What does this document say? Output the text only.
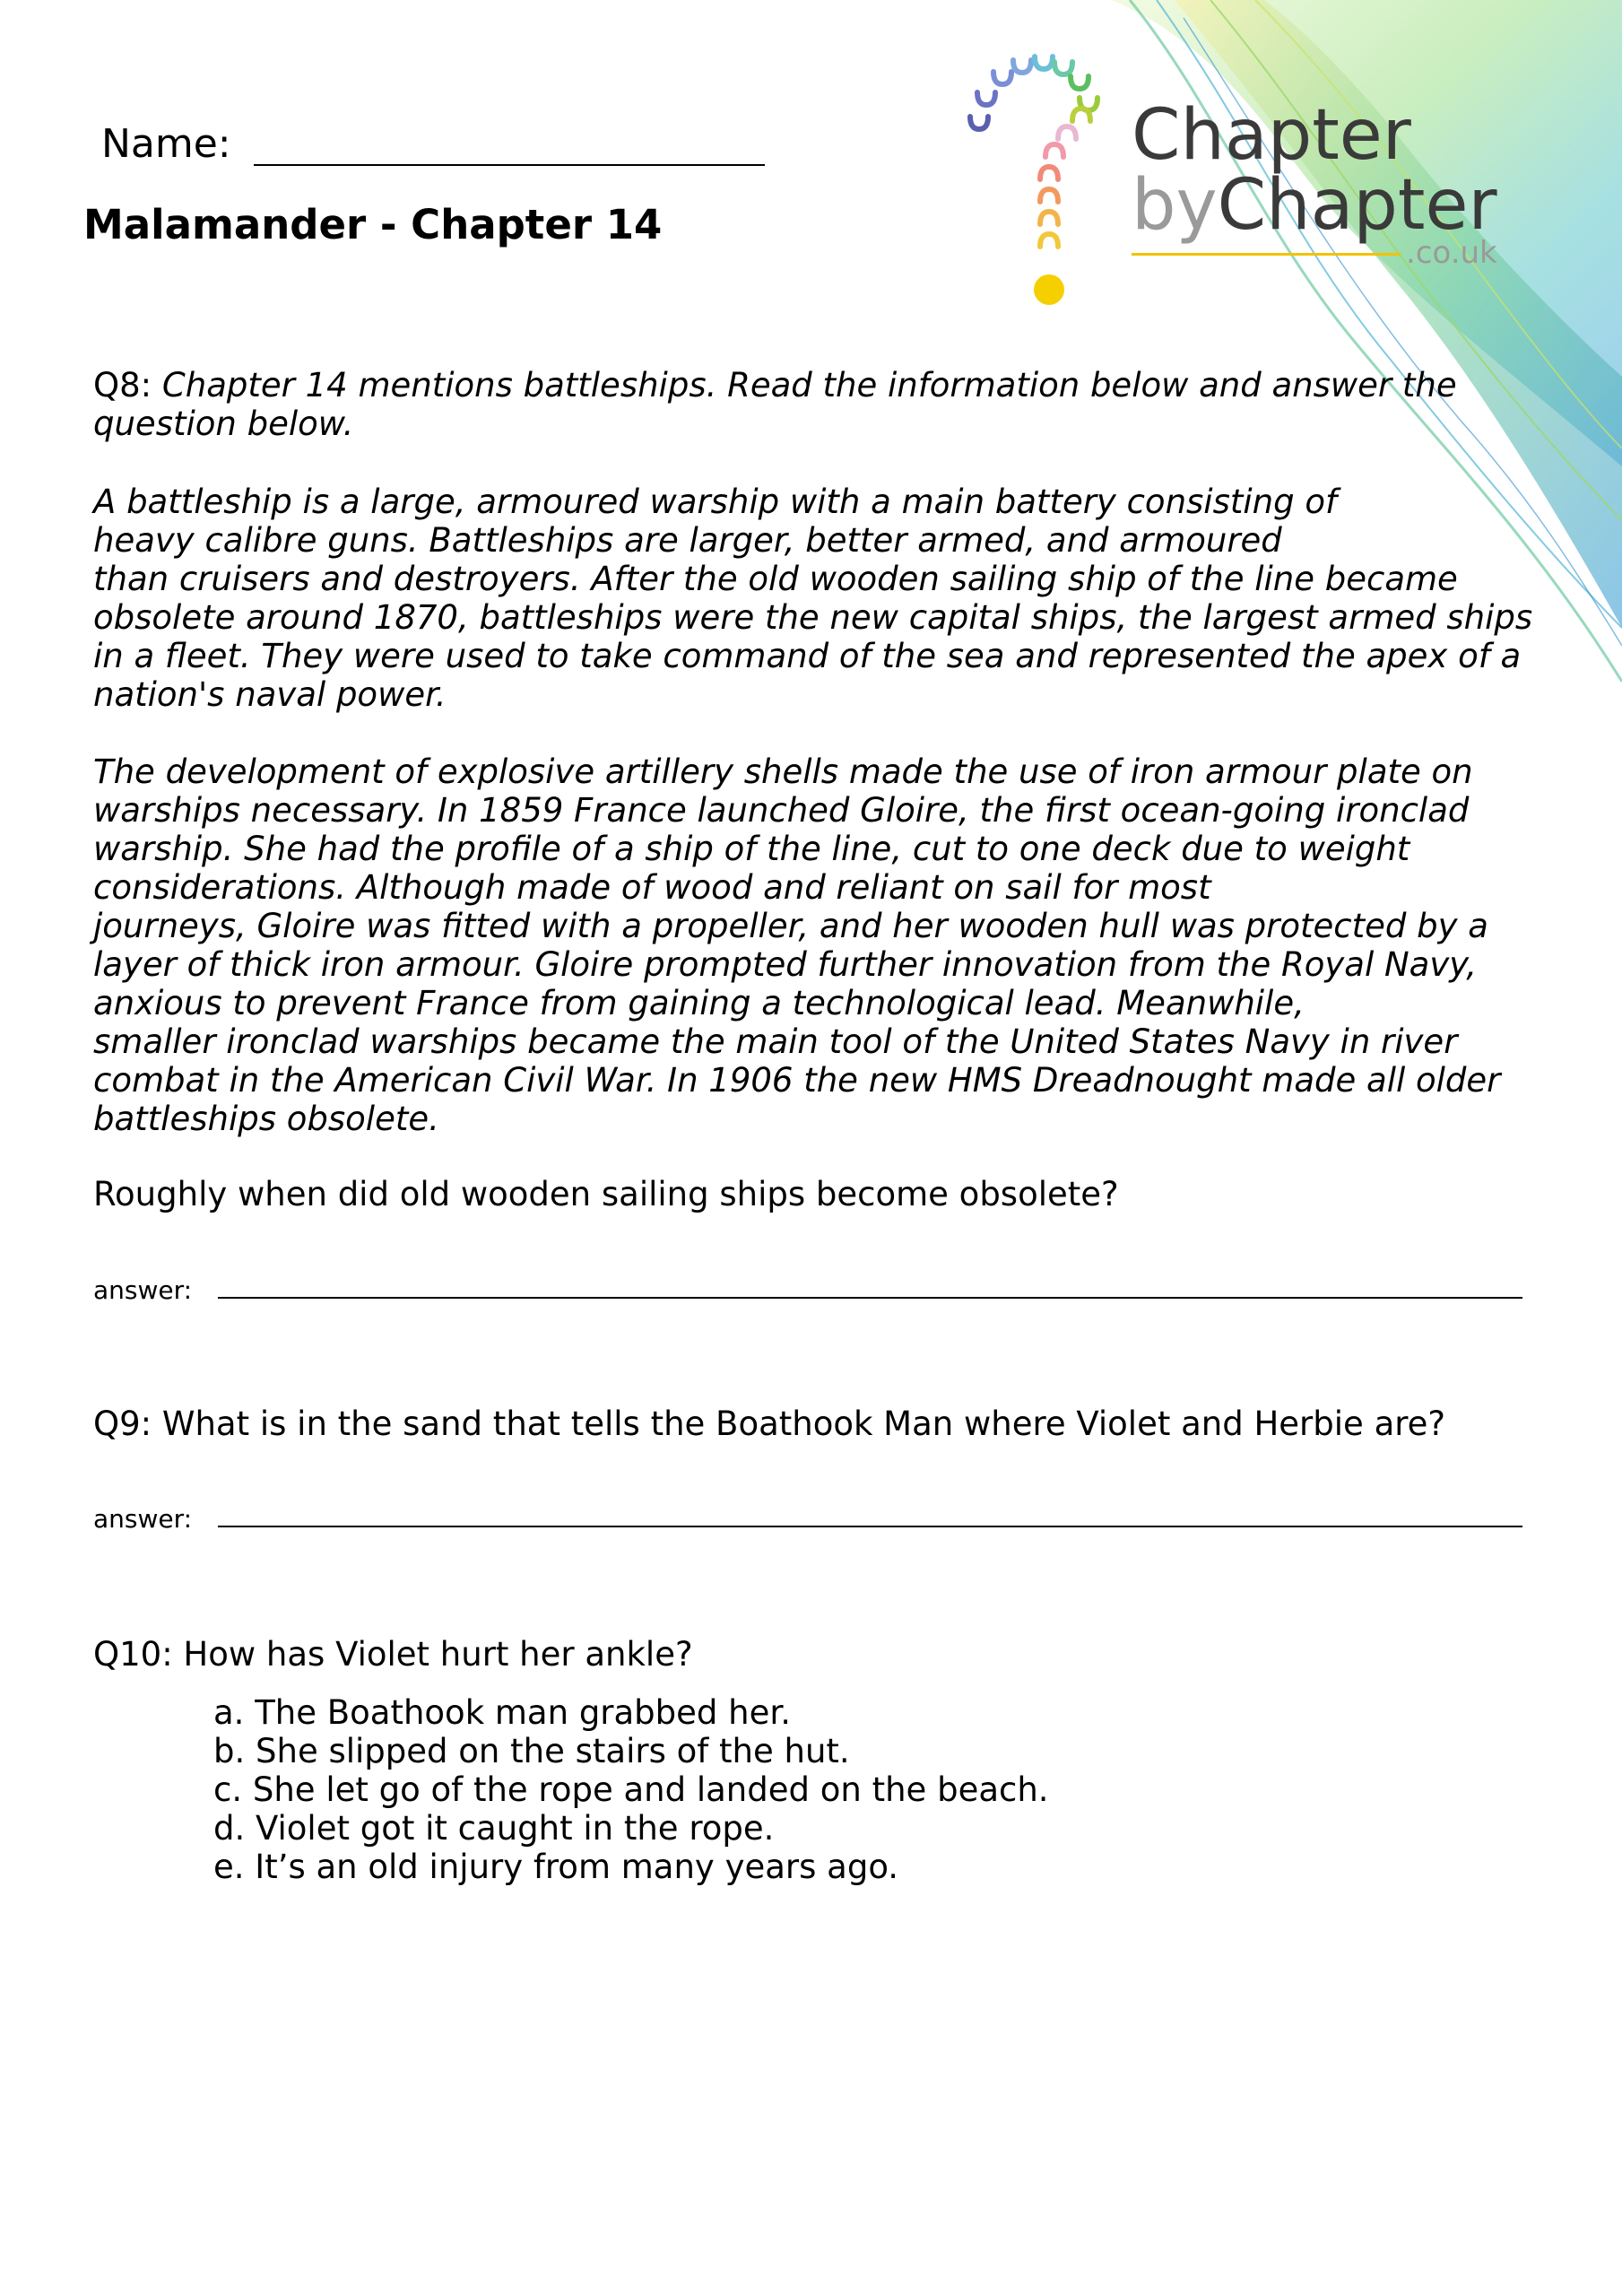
Chapter
byChapter
.co.uk
Name:
Malamander - Chapter 14
Q8: Chapter 14 mentions battleships. Read the information below and answer the
question below.
A battleship is a large, armoured warship with a main battery consisting of
heavy calibre guns. Battleships are larger, better armed, and armoured
than cruisers and destroyers. After the old wooden sailing ship of the line became
obsolete around 1870, battleships were the new capital ships, the largest armed ships
in a fleet. They were used to take command of the sea and represented the apex of a
nation's naval power.
The development of explosive artillery shells made the use of iron armour plate on
warships necessary. In 1859 France launched Gloire, the first ocean-going ironclad
warship. She had the profile of a ship of the line, cut to one deck due to weight
considerations. Although made of wood and reliant on sail for most
journeys, Gloire was fitted with a propeller, and her wooden hull was protected by a
layer of thick iron armour. Gloire prompted further innovation from the Royal Navy,
anxious to prevent France from gaining a technological lead. Meanwhile,
smaller ironclad warships became the main tool of the United States Navy in river
combat in the American Civil War. In 1906 the new HMS Dreadnought made all older
battleships obsolete.
Roughly when did old wooden sailing ships become obsolete?
answer:
Q9: What is in the sand that tells the Boathook Man where Violet and Herbie are?
answer:
Q10: How has Violet hurt her ankle?
a. The Boathook man grabbed her.
b. She slipped on the stairs of the hut.
c. She let go of the rope and landed on the beach.
d. Violet got it caught in the rope.
e. It’s an old injury from many years ago.
